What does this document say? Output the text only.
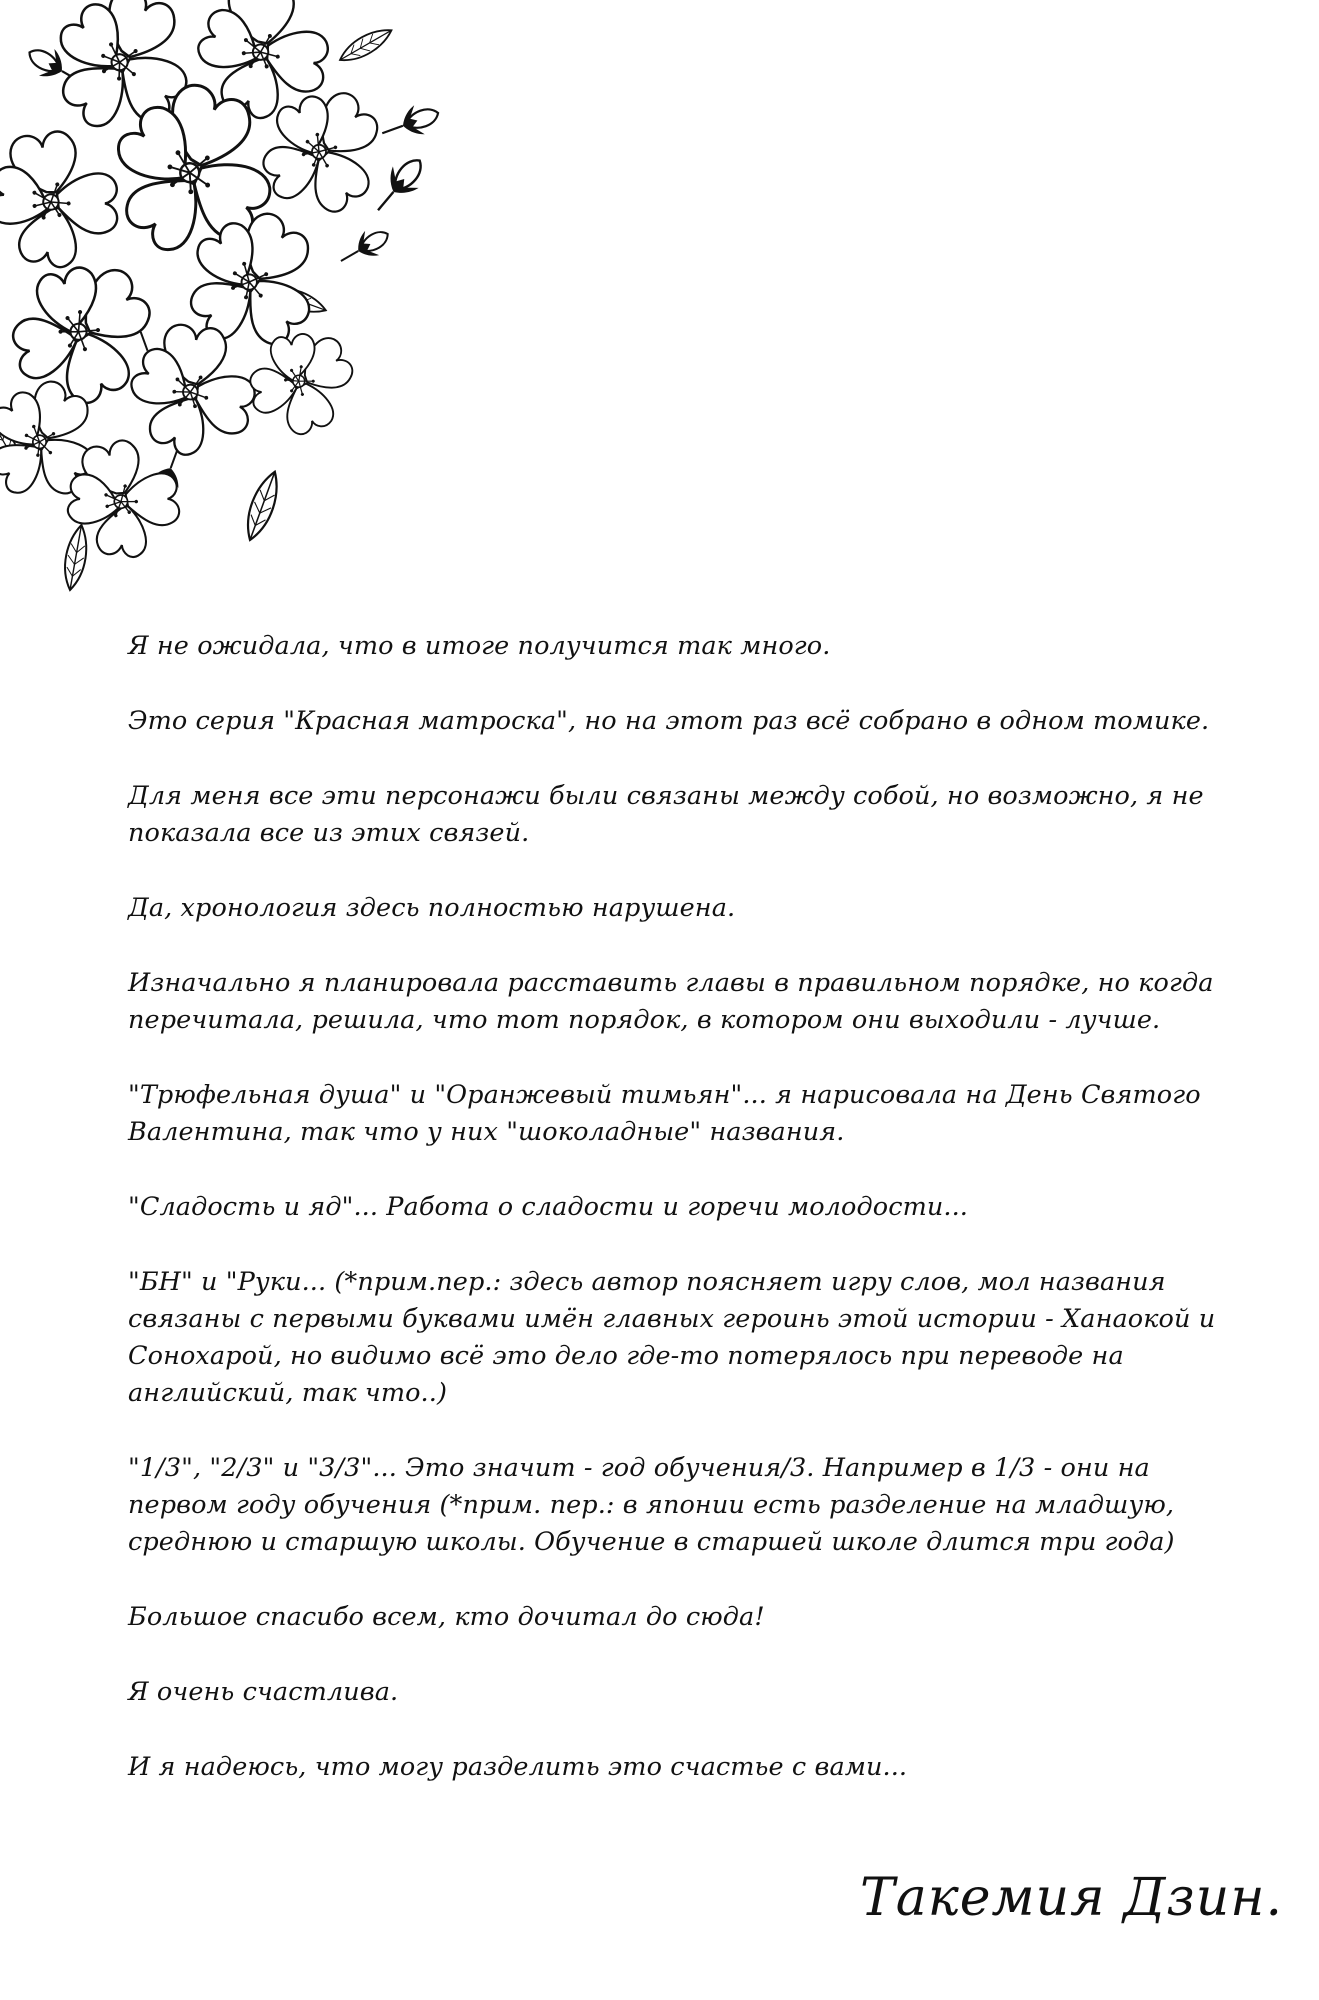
Я не ожидала, что в итоге получится так много.

Это серия "Красная матроска", но на этот раз всё собрано в одном томике.

Для меня все эти персонажи были связаны между собой, но возможно, я не показала все из этих связей.

Да, хронология здесь полностью нарушена.

Изначально я планировала расставить главы в правильном порядке, но когда перечитала, решила, что тот порядок, в котором они выходили - лучше.

"Трюфельная душа" и "Оранжевый тимьян"... я нарисовала на День Святого Валентина, так что у них "шоколадные" названия.

"Сладость и яд"... Работа о сладости и горечи молодости...

"БН" и "Руки... (*прим.пер.: здесь автор поясняет игру слов, мол названия связаны с первыми буквами имён главных героинь этой истории - Ханаокой и Сонохарой, но видимо всё это дело где-то потерялось при переводе на английский, так что..)

"1/3", "2/3" и "3/3"... Это значит - год обучения/3. Например в 1/3 - они на первом году обучения (*прим. пер.: в японии есть разделение на младшую, среднюю и старшую школы. Обучение в старшей школе длится три года)

Большое спасибо всем, кто дочитал до сюда!

Я очень счастлива.

И я надеюсь, что могу разделить это счастье с вами...

Такемия Дзин.
